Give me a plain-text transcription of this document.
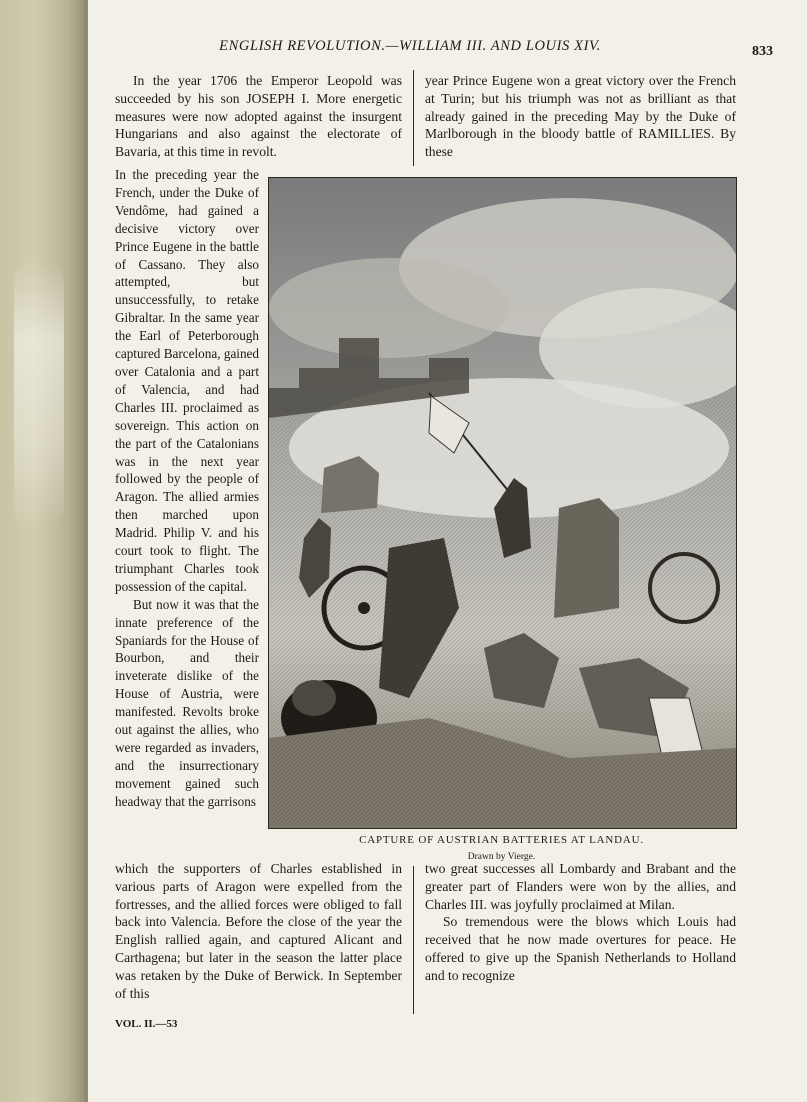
ENGLISH REVOLUTION.—WILLIAM III. AND LOUIS XIV.	833

In the year 1706 the Emperor Leopold was succeeded by his son JOSEPH I. More energetic measures were now adopted against the insurgent Hungarians and also against the electorate of Bavaria, at this time in revolt.

year Prince Eugene won a great victory over the French at Turin; but his triumph was not as brilliant as that already gained in the preceding May by the Duke of Marlborough in the bloody battle of RAMILLIES. By these

In the preceding year the French, under the Duke of Vendôme, had gained a decisive victory over Prince Eugene in the battle of Cassano. They also attempted, but unsuccessfully, to retake Gibraltar. In the same year the Earl of Peterborough captured Barcelona, gained over Catalonia and a part of Valencia, and had Charles III. proclaimed as sovereign. This action on the part of the Catalonians was in the next year followed by the people of Aragon. The allied armies then marched upon Madrid. Philip V. and his court took to flight. The triumphant Charles took possession of the capital.

But now it was that the innate preference of the Spaniards for the House of Bourbon, and their inveterate dislike of the House of Austria, were manifested. Revolts broke out against the allies, who were regarded as invaders, and the insurrectionary movement gained such headway that the garrisons

CAPTURE OF AUSTRIAN BATTERIES AT LANDAU.
Drawn by Vierge.

which the supporters of Charles established in various parts of Aragon were expelled from the fortresses, and the allied forces were obliged to fall back into Valencia. Before the close of the year the English rallied again, and captured Alicant and Carthagena; but later in the season the latter place was retaken by the Duke of Berwick. In September of this

two great successes all Lombardy and Brabant and the greater part of Flanders were won by the allies, and Charles III. was joyfully proclaimed at Milan.

So tremendous were the blows which Louis had received that he now made overtures for peace. He offered to give up the Spanish Netherlands to Holland and to recognize

VOL. II.—53
